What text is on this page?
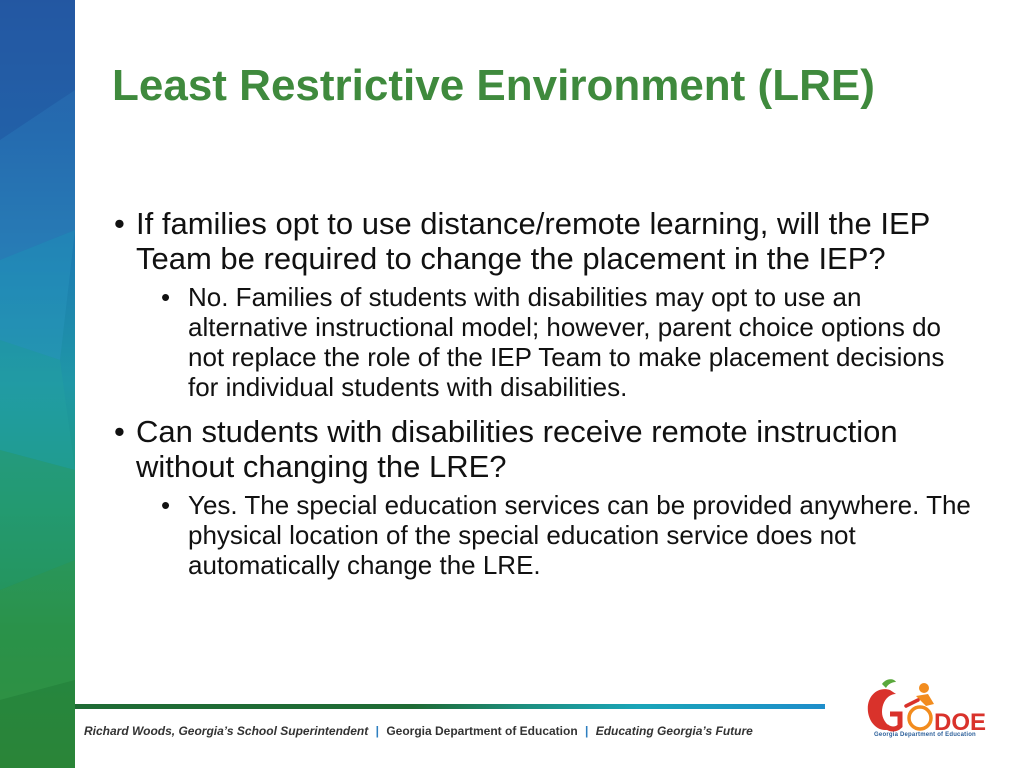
Least Restrictive Environment (LRE)
• If families opt to use distance/remote learning, will the IEP Team be required to change the placement in the IEP?
• No. Families of students with disabilities may opt to use an alternative instructional model; however, parent choice options do not replace the role of the IEP Team to make placement decisions for individual students with disabilities.
• Can students with disabilities receive remote instruction without changing the LRE?
• Yes. The special education services can be provided anywhere. The physical location of the special education service does not automatically change the LRE.
Richard Woods, Georgia’s School Superintendent | Georgia Department of Education | Educating Georgia’s Future	DOE
Georgia Department of Education
